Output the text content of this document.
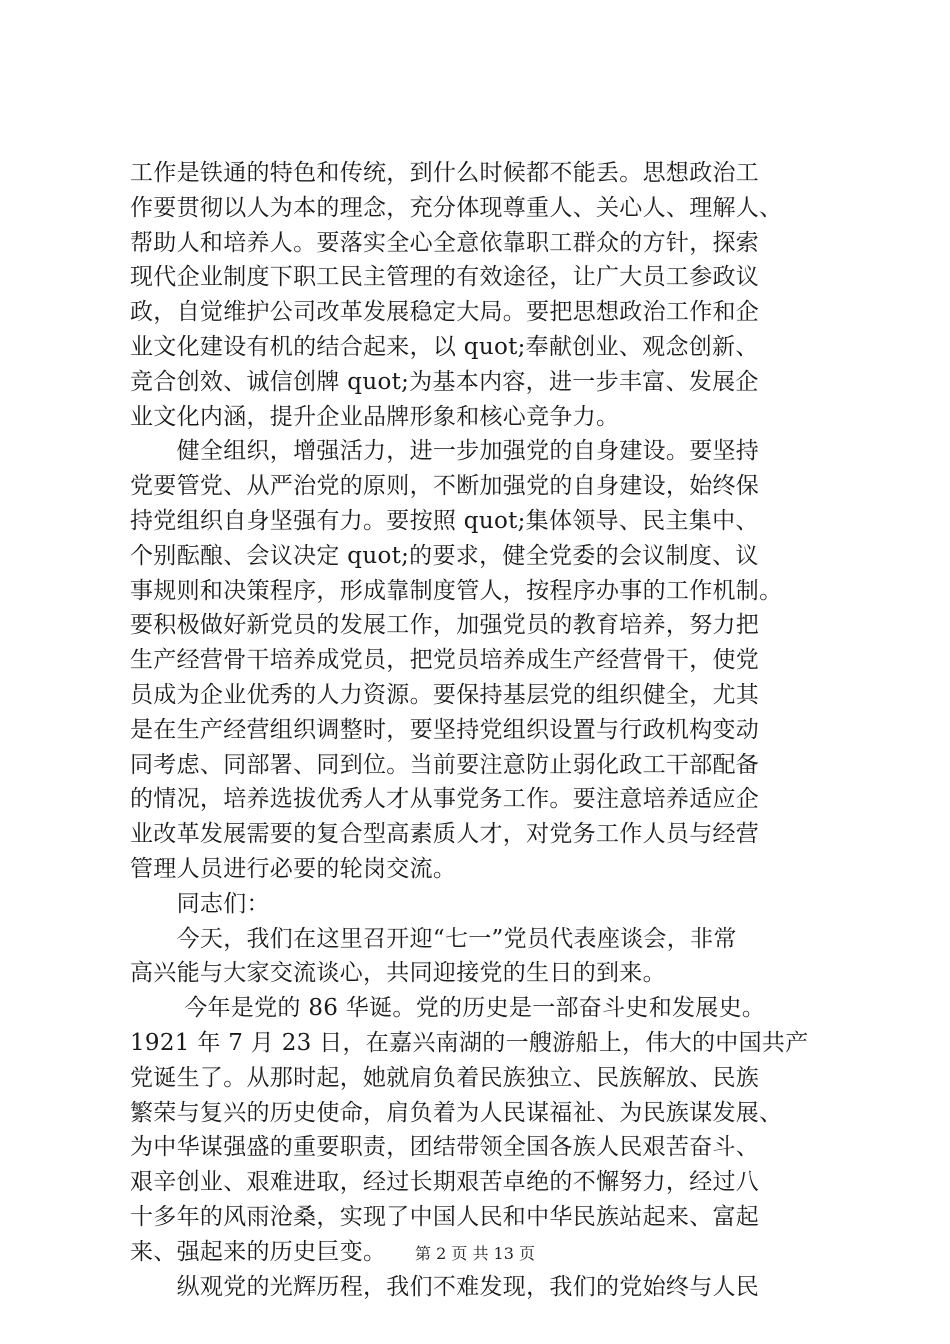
工作是铁通的特色和传统，到什么时候都不能丢。思想政治工
作要贯彻以人为本的理念，充分体现尊重人、关心人、理解人、
帮助人和培养人。要落实全心全意依靠职工群众的方针，探索
现代企业制度下职工民主管理的有效途径，让广大员工参政议
政，自觉维护公司改革发展稳定大局。要把思想政治工作和企
业文化建设有机的结合起来，以 quot;奉献创业、观念创新、
竞合创效、诚信创牌 quot;为基本内容，进一步丰富、发展企
业文化内涵，提升企业品牌形象和核心竞争力。
　　健全组织，增强活力，进一步加强党的自身建设。要坚持
党要管党、从严治党的原则，不断加强党的自身建设，始终保
持党组织自身坚强有力。要按照 quot;集体领导、民主集中、
个别酝酿、会议决定 quot;的要求，健全党委的会议制度、议
事规则和决策程序，形成靠制度管人，按程序办事的工作机制。
要积极做好新党员的发展工作，加强党员的教育培养，努力把
生产经营骨干培养成党员，把党员培养成生产经营骨干，使党
员成为企业优秀的人力资源。要保持基层党的组织健全，尤其
是在生产经营组织调整时，要坚持党组织设置与行政机构变动
同考虑、同部署、同到位。当前要注意防止弱化政工干部配备
的情况，培养选拔优秀人才从事党务工作。要注意培养适应企
业改革发展需要的复合型高素质人才，对党务工作人员与经营
管理人员进行必要的轮岗交流。
　　同志们：
　　今天，我们在这里召开迎“七一”党员代表座谈会，非常
高兴能与大家交流谈心，共同迎接党的生日的到来。
　　 今年是党的 86 华诞。党的历史是一部奋斗史和发展史。
1921 年 7 月 23 日，在嘉兴南湖的一艘游船上，伟大的中国共产
党诞生了。从那时起，她就肩负着民族独立、民族解放、民族
繁荣与复兴的历史使命，肩负着为人民谋福祉、为民族谋发展、
为中华谋强盛的重要职责，团结带领全国各族人民艰苦奋斗、
艰辛创业、艰难进取，经过长期艰苦卓绝的不懈努力，经过八
十多年的风雨沧桑，实现了中国人民和中华民族站起来、富起
来、强起来的历史巨变。
　　纵观党的光辉历程，我们不难发现，我们的党始终与人民
第 2 页 共 13 页
